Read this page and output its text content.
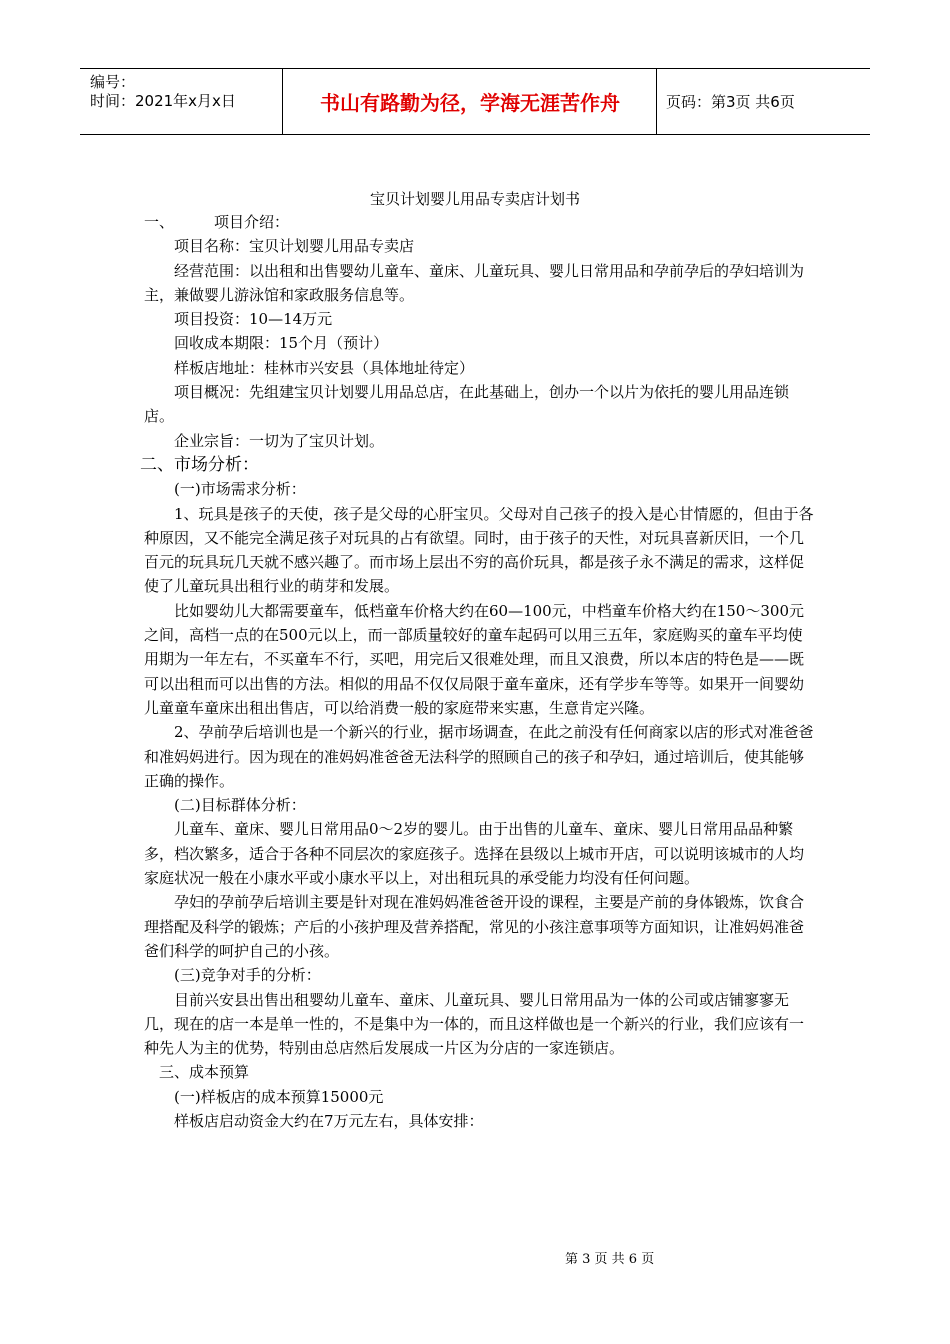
编号：
时间：2021年x月x日	书山有路勤为径，学海无涯苦作舟	页码：第3页 共6页
宝贝计划婴儿用品专卖店计划书

一、	项目介绍：

项目名称：宝贝计划婴儿用品专卖店

经营范围：以出租和出售婴幼儿童车、童床、儿童玩具、婴儿日常用品和孕前孕后的孕妇培训为主，兼做婴儿游泳馆和家政服务信息等。

项目投资：10—14万元

回收成本期限：15个月（预计）

样板店地址：桂林市兴安县（具体地址待定）

项目概况：先组建宝贝计划婴儿用品总店，在此基础上，创办一个以片为依托的婴儿用品连锁店。

企业宗旨：一切为了宝贝计划。

二、市场分析：

(一)市场需求分析：

1、玩具是孩子的天使，孩子是父母的心肝宝贝。父母对自己孩子的投入是心甘情愿的，但由于各种原因，又不能完全满足孩子对玩具的占有欲望。同时，由于孩子的天性，对玩具喜新厌旧，一个几百元的玩具玩几天就不感兴趣了。而市场上层出不穷的高价玩具，都是孩子永不满足的需求，这样促使了儿童玩具出租行业的萌芽和发展。

比如婴幼儿大都需要童车，低档童车价格大约在60—100元，中档童车价格大约在150～300元之间，高档一点的在500元以上，而一部质量较好的童车起码可以用三五年，家庭购买的童车平均使用期为一年左右，不买童车不行，买吧，用完后又很难处理，而且又浪费，所以本店的特色是——既可以出租而可以出售的方法。相似的用品不仅仅局限于童车童床，还有学步车等等。如果开一间婴幼儿童童车童床出租出售店，可以给消费一般的家庭带来实惠，生意肯定兴隆。

2、孕前孕后培训也是一个新兴的行业，据市场调查，在此之前没有任何商家以店的形式对准爸爸和准妈妈进行。因为现在的准妈妈准爸爸无法科学的照顾自己的孩子和孕妇，通过培训后，使其能够正确的操作。

(二)目标群体分析：

儿童车、童床、婴儿日常用品0～2岁的婴儿。由于出售的儿童车、童床、婴儿日常用品品种繁多，档次繁多，适合于各种不同层次的家庭孩子。选择在县级以上城市开店，可以说明该城市的人均家庭状况一般在小康水平或小康水平以上，对出租玩具的承受能力均没有任何问题。

孕妇的孕前孕后培训主要是针对现在准妈妈准爸爸开设的课程，主要是产前的身体锻炼，饮食合理搭配及科学的锻炼；产后的小孩护理及营养搭配，常见的小孩注意事项等方面知识，让准妈妈准爸爸们科学的呵护自己的小孩。

(三)竞争对手的分析：

目前兴安县出售出租婴幼儿童车、童床、儿童玩具、婴儿日常用品为一体的公司或店铺寥寥无几，现在的店一本是单一性的，不是集中为一体的，而且这样做也是一个新兴的行业，我们应该有一种先人为主的优势，特别由总店然后发展成一片区为分店的一家连锁店。

三、成本预算

(一)样板店的成本预算15000元

样板店启动资金大约在7万元左右，具体安排：

第 3 页 共 6 页
